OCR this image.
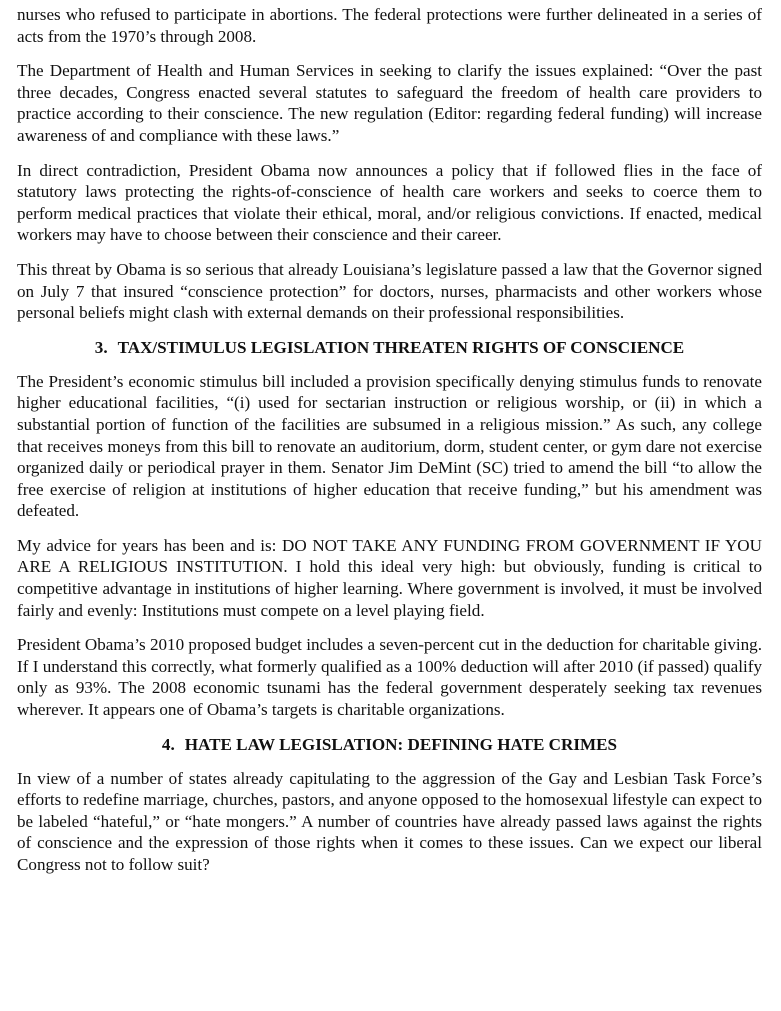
nurses who refused to participate in abortions. The federal protections were further delineated in a series of acts from the 1970’s through 2008.

The Department of Health and Human Services in seeking to clarify the issues explained: “Over the past three decades, Congress enacted several statutes to safeguard the freedom of health care providers to practice according to their conscience. The new regulation (Editor: regarding federal funding) will increase awareness of and compliance with these laws.”

In direct contradiction, President Obama now announces a policy that if followed flies in the face of statutory laws protecting the rights-of-conscience of health care workers and seeks to coerce them to perform medical practices that violate their ethical, moral, and/or religious convictions. If enacted, medical workers may have to choose between their conscience and their career.

This threat by Obama is so serious that already Louisiana’s legislature passed a law that the Governor signed on July 7 that insured “conscience protection” for doctors, nurses, pharmacists and other workers whose personal beliefs might clash with external demands on their professional responsibilities.

3. TAX/STIMULUS LEGISLATION THREATEN RIGHTS OF CONSCIENCE

The President’s economic stimulus bill included a provision specifically denying stimulus funds to renovate higher educational facilities, “(i) used for sectarian instruction or religious worship, or (ii) in which a substantial portion of function of the facilities are subsumed in a religious mission.” As such, any college that receives moneys from this bill to renovate an auditorium, dorm, student center, or gym dare not exercise organized daily or periodical prayer in them. Senator Jim DeMint (SC) tried to amend the bill “to allow the free exercise of religion at institutions of higher education that receive funding,” but his amendment was defeated.

My advice for years has been and is: DO NOT TAKE ANY FUNDING FROM GOVERNMENT IF YOU ARE A RELIGIOUS INSTITUTION. I hold this ideal very high: but obviously, funding is critical to competitive advantage in institutions of higher learning. Where government is involved, it must be involved fairly and evenly: Institutions must compete on a level playing field.

President Obama’s 2010 proposed budget includes a seven-percent cut in the deduction for charitable giving. If I understand this correctly, what formerly qualified as a 100% deduction will after 2010 (if passed) qualify only as 93%. The 2008 economic tsunami has the federal government desperately seeking tax revenues wherever. It appears one of Obama’s targets is charitable organizations.

4. HATE LAW LEGISLATION: DEFINING HATE CRIMES

In view of a number of states already capitulating to the aggression of the Gay and Lesbian Task Force’s efforts to redefine marriage, churches, pastors, and anyone opposed to the homosexual lifestyle can expect to be labeled “hateful,” or “hate mongers.” A number of countries have already passed laws against the rights of conscience and the expression of those rights when it comes to these issues. Can we expect our liberal Congress not to follow suit?
